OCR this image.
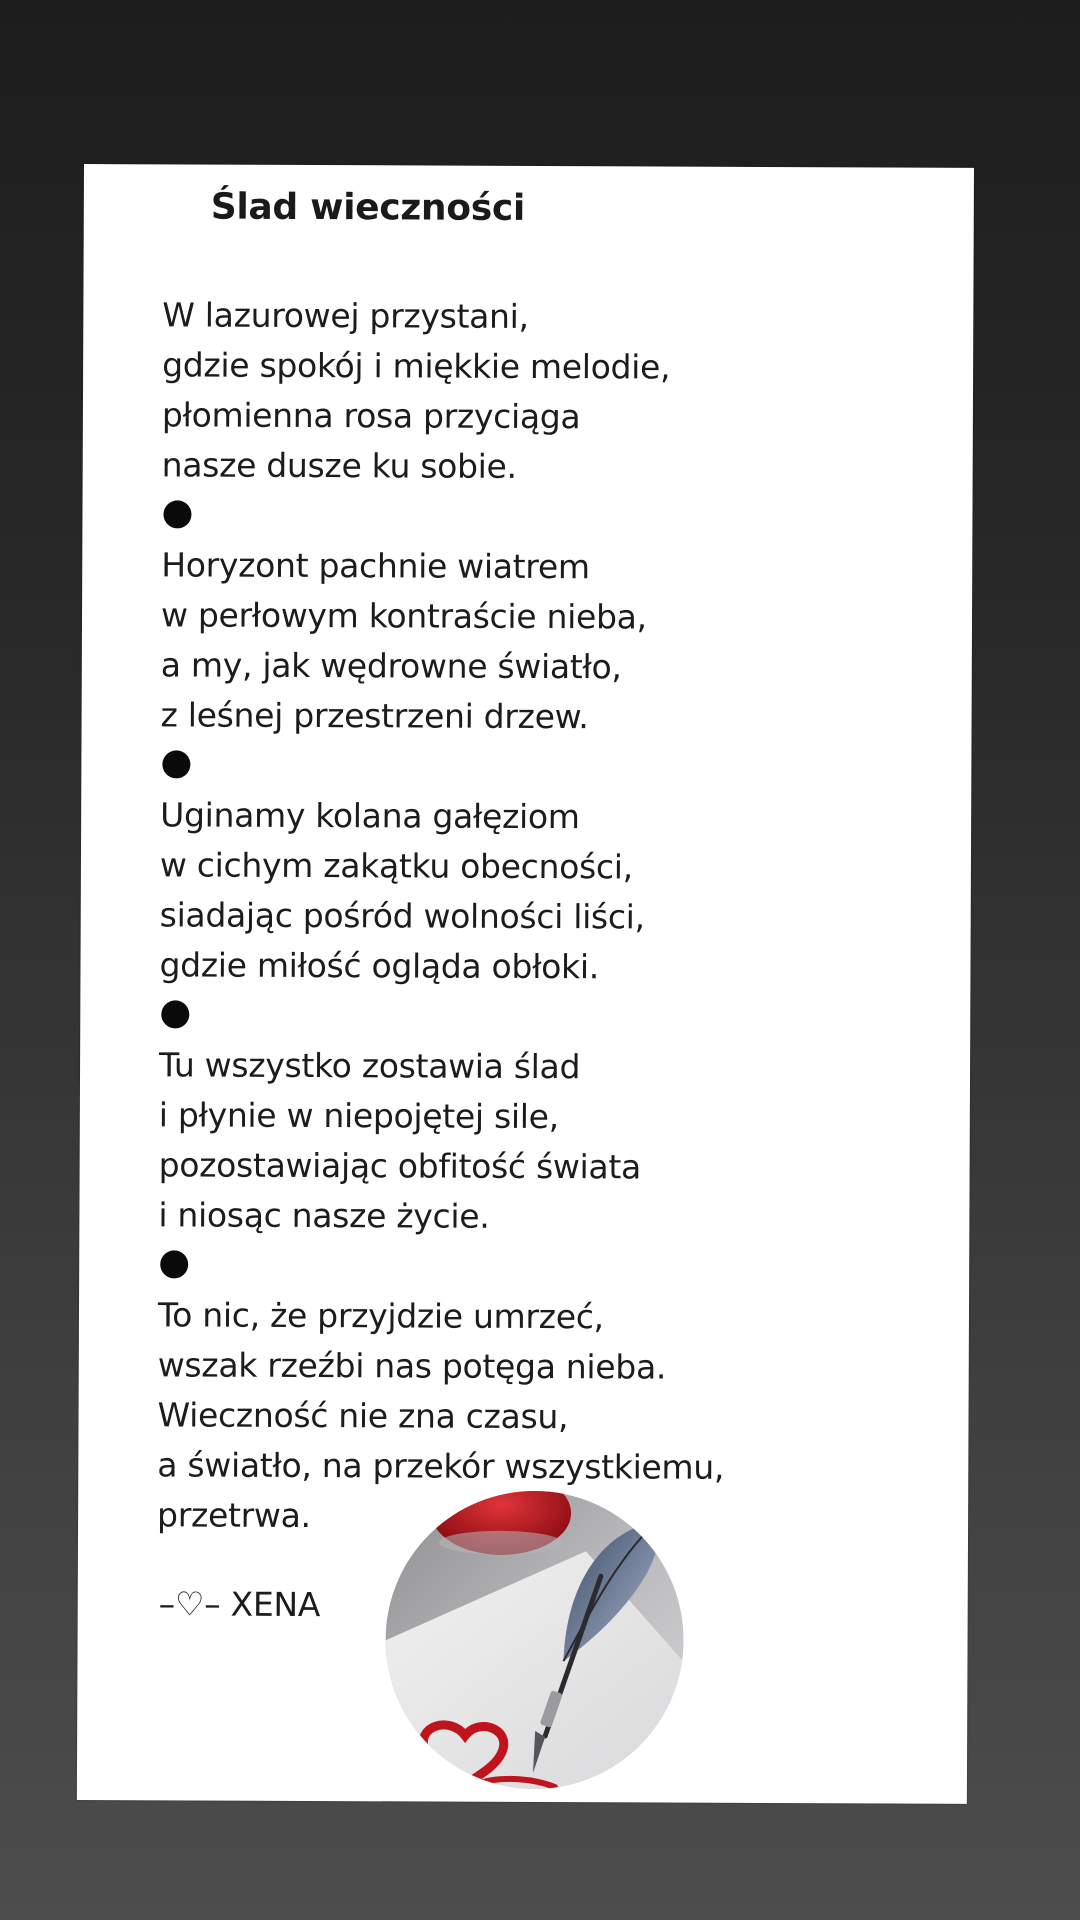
Ślad wieczności
W lazurowej przystani,
gdzie spokój i miękkie melodie,
płomienna rosa przyciąga
nasze dusze ku sobie.
Horyzont pachnie wiatrem
w perłowym kontraście nieba,
a my, jak wędrowne światło,
z leśnej przestrzeni drzew.
Uginamy kolana gałęziom
w cichym zakątku obecności,
siadając pośród wolności liści,
gdzie miłość ogląda obłoki.
Tu wszystko zostawia ślad
i płynie w niepojętej sile,
pozostawiając obfitość świata
i niosąc nasze życie.
To nic, że przyjdzie umrzeć,
wszak rzeźbi nas potęga nieba.
Wieczność nie zna czasu,
a światło, na przekór wszystkiemu,
przetrwa.
–♡– XENA
